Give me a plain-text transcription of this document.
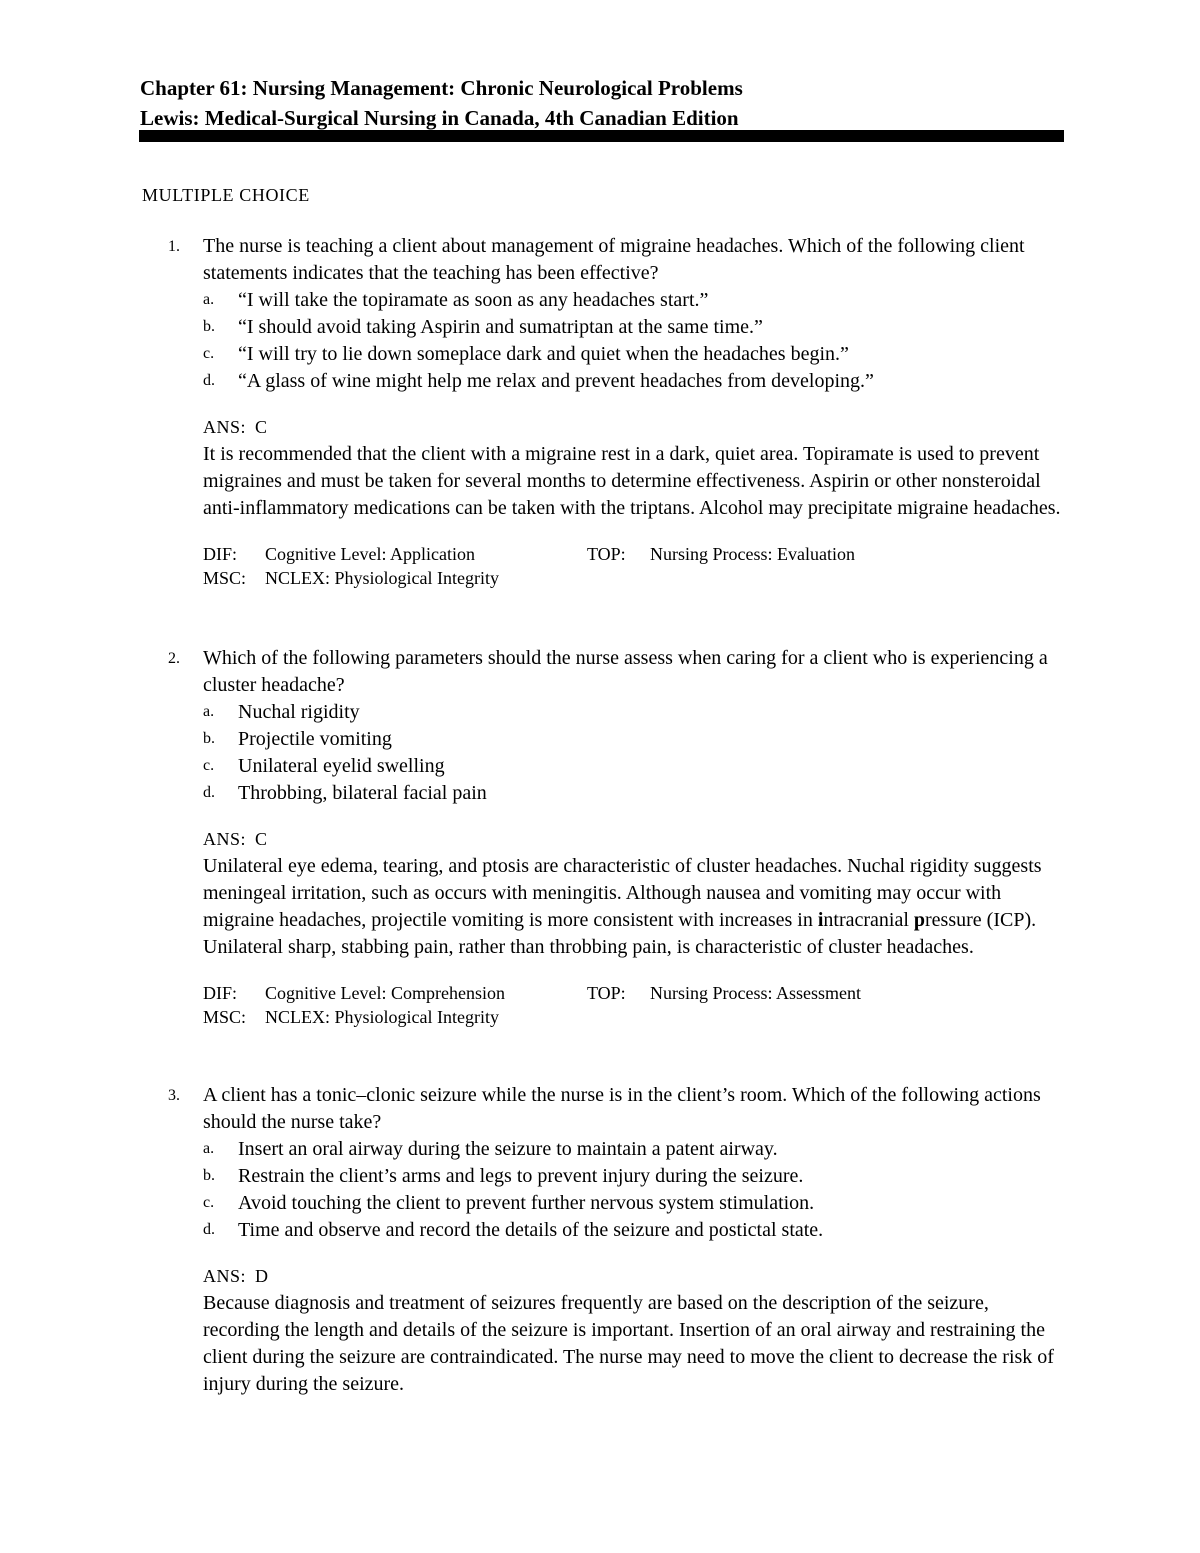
Chapter 61: Nursing Management: Chronic Neurological Problems
Lewis: Medical-Surgical Nursing in Canada, 4th Canadian Edition
MULTIPLE CHOICE
1. The nurse is teaching a client about management of migraine headaches. Which of the following client statements indicates that the teaching has been effective?
a. “I will take the topiramate as soon as any headaches start.”
b. “I should avoid taking Aspirin and sumatriptan at the same time.”
c. “I will try to lie down someplace dark and quiet when the headaches begin.”
d. “A glass of wine might help me relax and prevent headaches from developing.”
ANS: C
It is recommended that the client with a migraine rest in a dark, quiet area. Topiramate is used to prevent migraines and must be taken for several months to determine effectiveness. Aspirin or other nonsteroidal anti-inflammatory medications can be taken with the triptans. Alcohol may precipitate migraine headaches.
DIF: Cognitive Level: Application	TOP: Nursing Process: Evaluation
MSC: NCLEX: Physiological Integrity
2. Which of the following parameters should the nurse assess when caring for a client who is experiencing a cluster headache?
a. Nuchal rigidity
b. Projectile vomiting
c. Unilateral eyelid swelling
d. Throbbing, bilateral facial pain
ANS: C
Unilateral eye edema, tearing, and ptosis are characteristic of cluster headaches. Nuchal rigidity suggests meningeal irritation, such as occurs with meningitis. Although nausea and vomiting may occur with migraine headaches, projectile vomiting is more consistent with increases in intracranial pressure (ICP). Unilateral sharp, stabbing pain, rather than throbbing pain, is characteristic of cluster headaches.
DIF: Cognitive Level: Comprehension	TOP: Nursing Process: Assessment
MSC: NCLEX: Physiological Integrity
3. A client has a tonic–clonic seizure while the nurse is in the client’s room. Which of the following actions should the nurse take?
a. Insert an oral airway during the seizure to maintain a patent airway.
b. Restrain the client’s arms and legs to prevent injury during the seizure.
c. Avoid touching the client to prevent further nervous system stimulation.
d. Time and observe and record the details of the seizure and postictal state.
ANS: D
Because diagnosis and treatment of seizures frequently are based on the description of the seizure, recording the length and details of the seizure is important. Insertion of an oral airway and restraining the client during the seizure are contraindicated. The nurse may need to move the client to decrease the risk of injury during the seizure.
